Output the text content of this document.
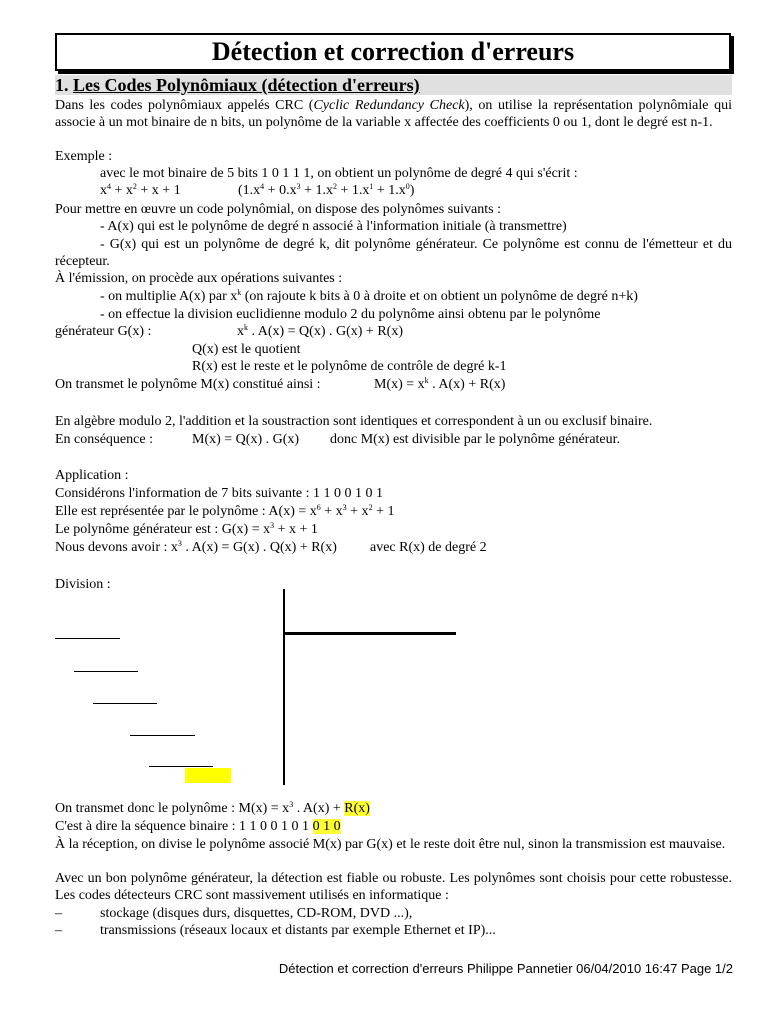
Détection et correction d'erreurs
1. Les Codes Polynômiaux (détection d'erreurs)
Dans les codes polynômiaux appelés CRC (Cyclic Redundancy Check), on utilise la représentation polynômiale qui associe à un mot binaire de n bits, un polynôme de la variable x affectée des coefficients 0 ou 1, dont le degré est n-1.
Exemple :
avec le mot binaire de 5 bits 1 0 1 1 1, on obtient un polynôme de degré 4 qui s'écrit :
$x^4 + x^2 + x + 1$	$(1.x^4 + 0.x^3 + 1.x^2 + 1.x^1 + 1.x^0)$
Pour mettre en œuvre un code polynômial, on dispose des polynômes suivants :
- A(x) qui est le polynôme de degré n associé à l'information initiale (à transmettre)
- G(x) qui est un polynôme de degré k, dit polynôme générateur. Ce polynôme est connu de l'émetteur et du récepteur.
À l'émission, on procède aux opérations suivantes :
- on multiplie A(x) par $x^k$ (on rajoute k bits à 0 à droite et on obtient un polynôme de degré n+k)
- on effectue la division euclidienne modulo 2 du polynôme ainsi obtenu par le polynôme
générateur G(x) :	$x^k$ . A(x) = Q(x) . G(x) + R(x)
Q(x) est le quotient
R(x) est le reste et le polynôme de contrôle de degré k-1
On transmet le polynôme M(x) constitué ainsi :	$M(x) = x^k$ . A(x) + R(x)
En algèbre modulo 2, l'addition et la soustraction sont identiques et correspondent à un ou exclusif binaire.
En conséquence :	M(x) = Q(x) . G(x) donc M(x) est divisible par le polynôme générateur.
Application :
Considérons l'information de 7 bits suivante : 1 1 0 0 1 0 1
Elle est représentée par le polynôme : $A(x) = x^6 + x^3 + x^2 + 1$
Le polynôme générateur est : $G(x) = x^3 + x + 1$
Nous devons avoir : $x^3$ . A(x) = G(x) . Q(x) + R(x) avec R(x) de degré 2
Division :
On transmet donc le polynôme : $M(x) = x^3$ . A(x) + R(x)
C'est à dire la séquence binaire : 1 1 0 0 1 0 1 0 1 0
À la réception, on divise le polynôme associé M(x) par G(x) et le reste doit être nul, sinon la transmission est mauvaise.
Avec un bon polynôme générateur, la détection est fiable ou robuste. Les polynômes sont choisis pour cette robustesse. Les codes détecteurs CRC sont massivement utilisés en informatique :
–	stockage (disques durs, disquettes, CD-ROM, DVD ...),
–	transmissions (réseaux locaux et distants par exemple Ethernet et IP)...
Détection et correction d'erreurs Philippe Pannetier 06/04/2010 16:47 Page 1/2
